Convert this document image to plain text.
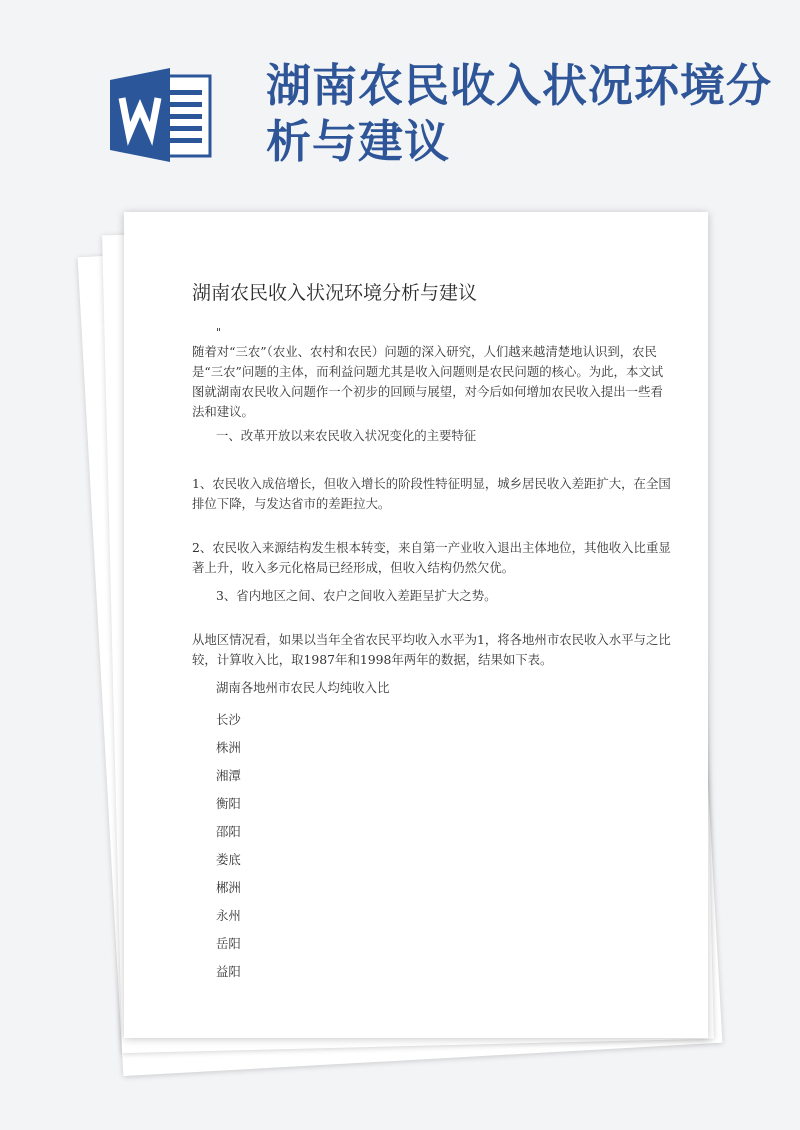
湖南农民收入状况环境分析与建议
湖南农民收入状况环境分析与建议
"

随着对“三农”（农业、农村和农民）问题的深入研究，人们越来越清楚地认识到，农民是“三农”问题的主体，而利益问题尤其是收入问题则是农民问题的核心。为此，本文试图就湖南农民收入问题作一个初步的回顾与展望，对今后如何增加农民收入提出一些看法和建议。

一、改革开放以来农民收入状况变化的主要特征

1、农民收入成倍增长，但收入增长的阶段性特征明显，城乡居民收入差距扩大，在全国排位下降，与发达省市的差距拉大。

2、农民收入来源结构发生根本转变，来自第一产业收入退出主体地位，其他收入比重显著上升，收入多元化格局已经形成，但收入结构仍然欠优。

3、省内地区之间、农户之间收入差距呈扩大之势。

从地区情况看，如果以当年全省农民平均收入水平为1，将各地州市农民收入水平与之比较，计算收入比，取1987年和1998年两年的数据，结果如下表。

湖南各地州市农民人均纯收入比

长沙
株洲
湘潭
衡阳
邵阳
娄底
郴洲
永州
岳阳
益阳
